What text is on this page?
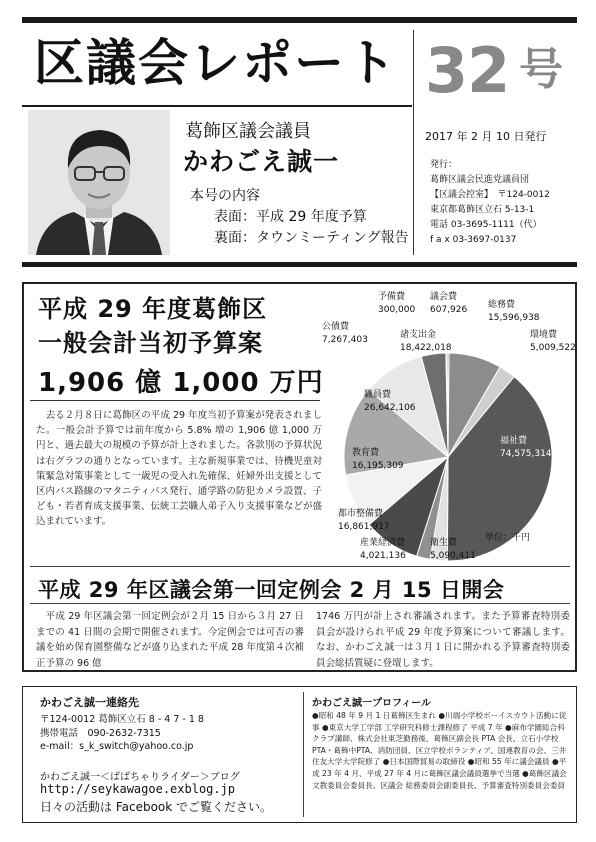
区議会レポート 32 号
2017 年 2 月 10 日発行
葛飾区議会議員
かわごえ誠一
本号の内容
表面：平成 29 年度予算
裏面：タウンミーティング報告
発行：
葛飾区議会民進党議員団
【区議会控室】　〒124-0012
東京都葛飾区立石 5-13-1
電話 03-3695-1111（代）
f a x 03-3697-0137
平成 29 年度葛飾区
一般会計当初予算案
1,906 億 1,000 万円
　去る２月８日に葛飾区の平成 29 年度当初予算案が発表されました。一般会計予算では前年度から 5.8% 増の 1,906 億 1,000 万円と、過去最大の規模の予算が計上されました。各款別の予算状況は右グラフの通りとなっています。主な新規事業では、待機児童対策緊急対策事業として一歳児の受入れ先確保、妊婦外出支援として区内バス路線のマタニティパス発行、通学路の防犯カメラ設置、子ども・若者育成支援事業、伝統工芸職人弟子入り支援事業などが盛込まれています。
議会費
607,926 総務費
15,596,938
環境費
5,009,522
福祉費
74,575,314
衛生費
5,090,411
産業経済費
4,021,136
都市整備費
16,861,917
教育費
16,195,309
職員費
26,642,106
諸支出金
18,422,018
公債費
7,267,403
予備費
300,000
単位：千円
平成 29 年区議会第一回定例会 2 月 15 日開会
　平成 29 年区議会第一回定例会が２月 15 日から３月 27 日までの 41 日間の会期で開催されます。今定例会では可否の審議を始め保育園整備などが盛り込まれた平成 28 年度第４次補正予算の 96 億
1746 万円が計上され審議されます。また予算審査特別委員会が設けられ平成 29 年度予算案について審議します。なお、かわごえ誠一は３月１日に開かれる予算審査特別委員会総括質疑に登壇します。
かわごえ誠一連絡先
〒124-0012 葛飾区立石 8 - 4 7 - 1 8
携帯電話　090-2632-7315
e-mail：s_k_switch@yahoo.co.jp
かわごえ誠一＜ばばちゃりライダー＞ブログ
http://seykawagoe.exblog.jp
日々の活動は Facebook でご覧ください。
かわごえ誠一プロフィール
●昭和 48 年 9 月 1 日葛飾区生まれ ●川端小学校ボーイスカウト活動に従事 ●東京大学工学部 工学研究科修士課程修了 平成 7 年 ●麻布学園総合科クラブ講師、株式会社東芝勤務後、葛飾区副会長 PTA 会長、立石小学校PTA・葛飾中PTA、消防団員、区立学校ボランティア、国連教育の会、三井住友大学大学院修了 ●日本国際貿易の取締役 ●昭和 55 年に議会議員 ●平成 23 年 4 月、平成 27 年 4 月に葛飾区議会議員選挙で当選 ●葛飾区議会 文教委員会委員長、区議会 総務委員会副委員長、予算審査特別委員会委員
